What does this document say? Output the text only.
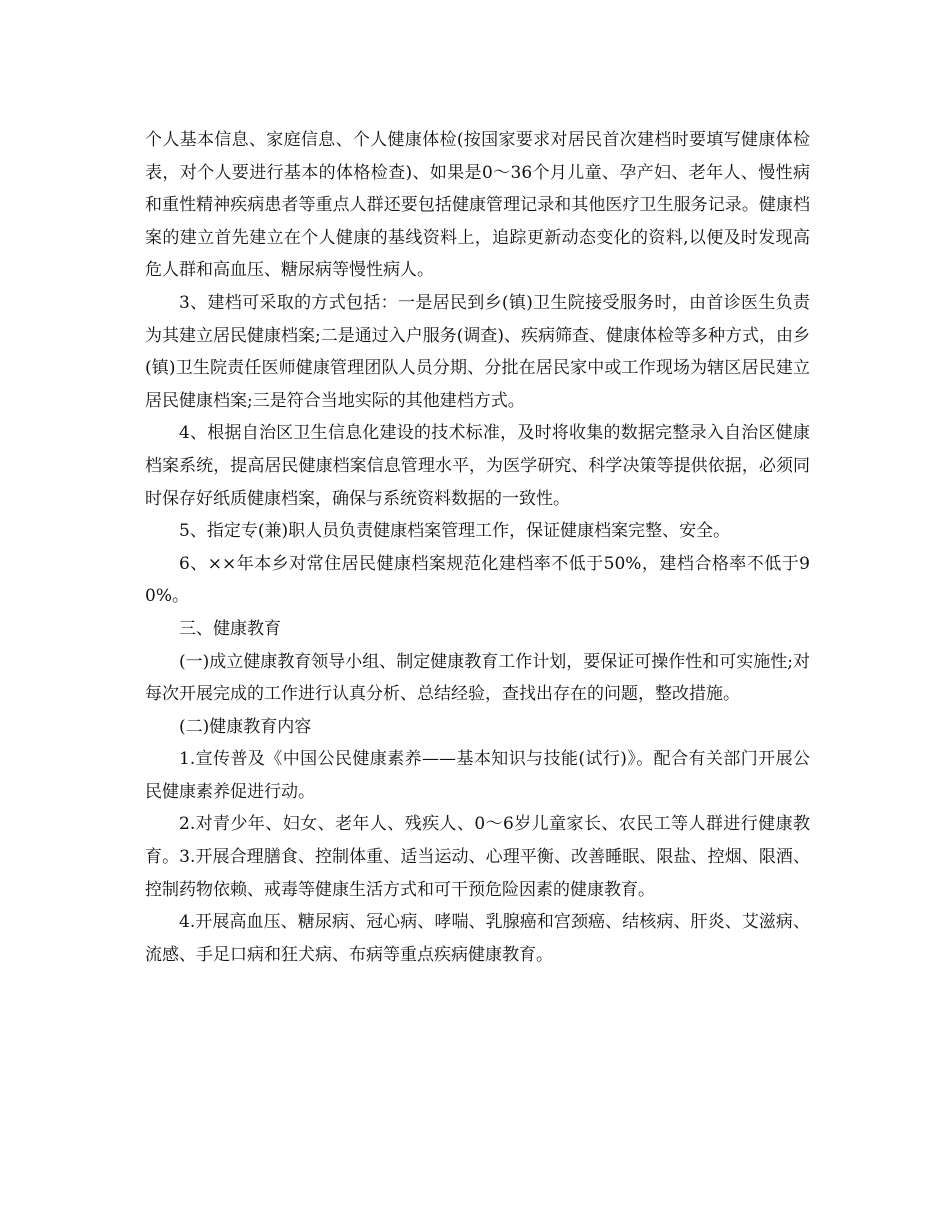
个人基本信息、家庭信息、个人健康体检(按国家要求对居民首次建档时要填写健康体检表，对个人要进行基本的体格检查)、如果是0～36个月儿童、孕产妇、老年人、慢性病和重性精神疾病患者等重点人群还要包括健康管理记录和其他医疗卫生服务记录。健康档案的建立首先建立在个人健康的基线资料上，追踪更新动态变化的资料,以便及时发现高危人群和高血压、糖尿病等慢性病人。

3、建档可采取的方式包括：一是居民到乡(镇)卫生院接受服务时，由首诊医生负责为其建立居民健康档案;二是通过入户服务(调查)、疾病筛查、健康体检等多种方式，由乡(镇)卫生院责任医师健康管理团队人员分期、分批在居民家中或工作现场为辖区居民建立居民健康档案;三是符合当地实际的其他建档方式。

4、根据自治区卫生信息化建设的技术标准，及时将收集的数据完整录入自治区健康档案系统，提高居民健康档案信息管理水平，为医学研究、科学决策等提供依据，必须同时保存好纸质健康档案，确保与系统资料数据的一致性。

5、指定专(兼)职人员负责健康档案管理工作，保证健康档案完整、安全。

6、××年本乡对常住居民健康档案规范化建档率不低于50%，建档合格率不低于90%。

三、健康教育

(一)成立健康教育领导小组、制定健康教育工作计划，要保证可操作性和可实施性;对每次开展完成的工作进行认真分析、总结经验，查找出存在的问题，整改措施。

(二)健康教育内容

1.宣传普及《中国公民健康素养——基本知识与技能(试行)》。配合有关部门开展公民健康素养促进行动。

2.对青少年、妇女、老年人、残疾人、0～6岁儿童家长、农民工等人群进行健康教育。3.开展合理膳食、控制体重、适当运动、心理平衡、改善睡眠、限盐、控烟、限酒、控制药物依赖、戒毒等健康生活方式和可干预危险因素的健康教育。

4.开展高血压、糖尿病、冠心病、哮喘、乳腺癌和宫颈癌、结核病、肝炎、艾滋病、流感、手足口病和狂犬病、布病等重点疾病健康教育。
